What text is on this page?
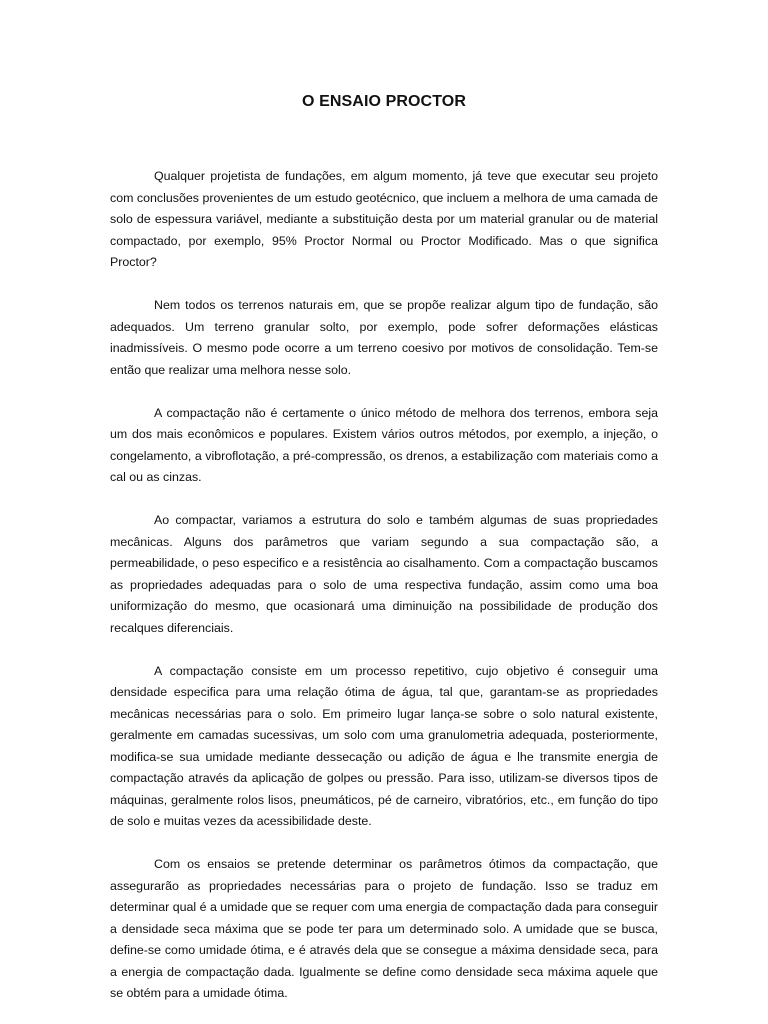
O ENSAIO PROCTOR

Qualquer projetista de fundações, em algum momento, já teve que executar seu projeto com conclusões provenientes de um estudo geotécnico, que incluem a melhora de uma camada de solo de espessura variável, mediante a substituição desta por um material granular ou de material compactado, por exemplo, 95% Proctor Normal ou Proctor Modificado. Mas o que significa Proctor?

Nem todos os terrenos naturais em, que se propõe realizar algum tipo de fundação, são adequados. Um terreno granular solto, por exemplo, pode sofrer deformações elásticas inadmissíveis. O mesmo pode ocorre a um terreno coesivo por motivos de consolidação. Tem-se então que realizar uma melhora nesse solo.

A compactação não é certamente o único método de melhora dos terrenos, embora seja um dos mais econômicos e populares. Existem vários outros métodos, por exemplo, a injeção, o congelamento, a vibroflotação, a pré-compressão, os drenos, a estabilização com materiais como a cal ou as cinzas.

Ao compactar, variamos a estrutura do solo e também algumas de suas propriedades mecânicas. Alguns dos parâmetros que variam segundo a sua compactação são, a permeabilidade, o peso especifico e a resistência ao cisalhamento. Com a compactação buscamos as propriedades adequadas para o solo de uma respectiva fundação, assim como uma boa uniformização do mesmo, que ocasionará uma diminuição na possibilidade de produção dos recalques diferenciais.

A compactação consiste em um processo repetitivo, cujo objetivo é conseguir uma densidade especifica para uma relação ótima de água, tal que, garantam-se as propriedades mecânicas necessárias para o solo. Em primeiro lugar lança-se sobre o solo natural existente, geralmente em camadas sucessivas, um solo com uma granulometria adequada, posteriormente, modifica-se sua umidade mediante dessecação ou adição de água e lhe transmite energia de compactação através da aplicação de golpes ou pressão. Para isso, utilizam-se diversos tipos de máquinas, geralmente rolos lisos, pneumáticos, pé de carneiro, vibratórios, etc., em função do tipo de solo e muitas vezes da acessibilidade deste.

Com os ensaios se pretende determinar os parâmetros ótimos da compactação, que assegurarão as propriedades necessárias para o projeto de fundação. Isso se traduz em determinar qual é a umidade que se requer com uma energia de compactação dada para conseguir a densidade seca máxima que se pode ter para um determinado solo. A umidade que se busca, define-se como umidade ótima, e é através dela que se consegue a máxima densidade seca, para a energia de compactação dada. Igualmente se define como densidade seca máxima aquele que se obtém para a umidade ótima.
